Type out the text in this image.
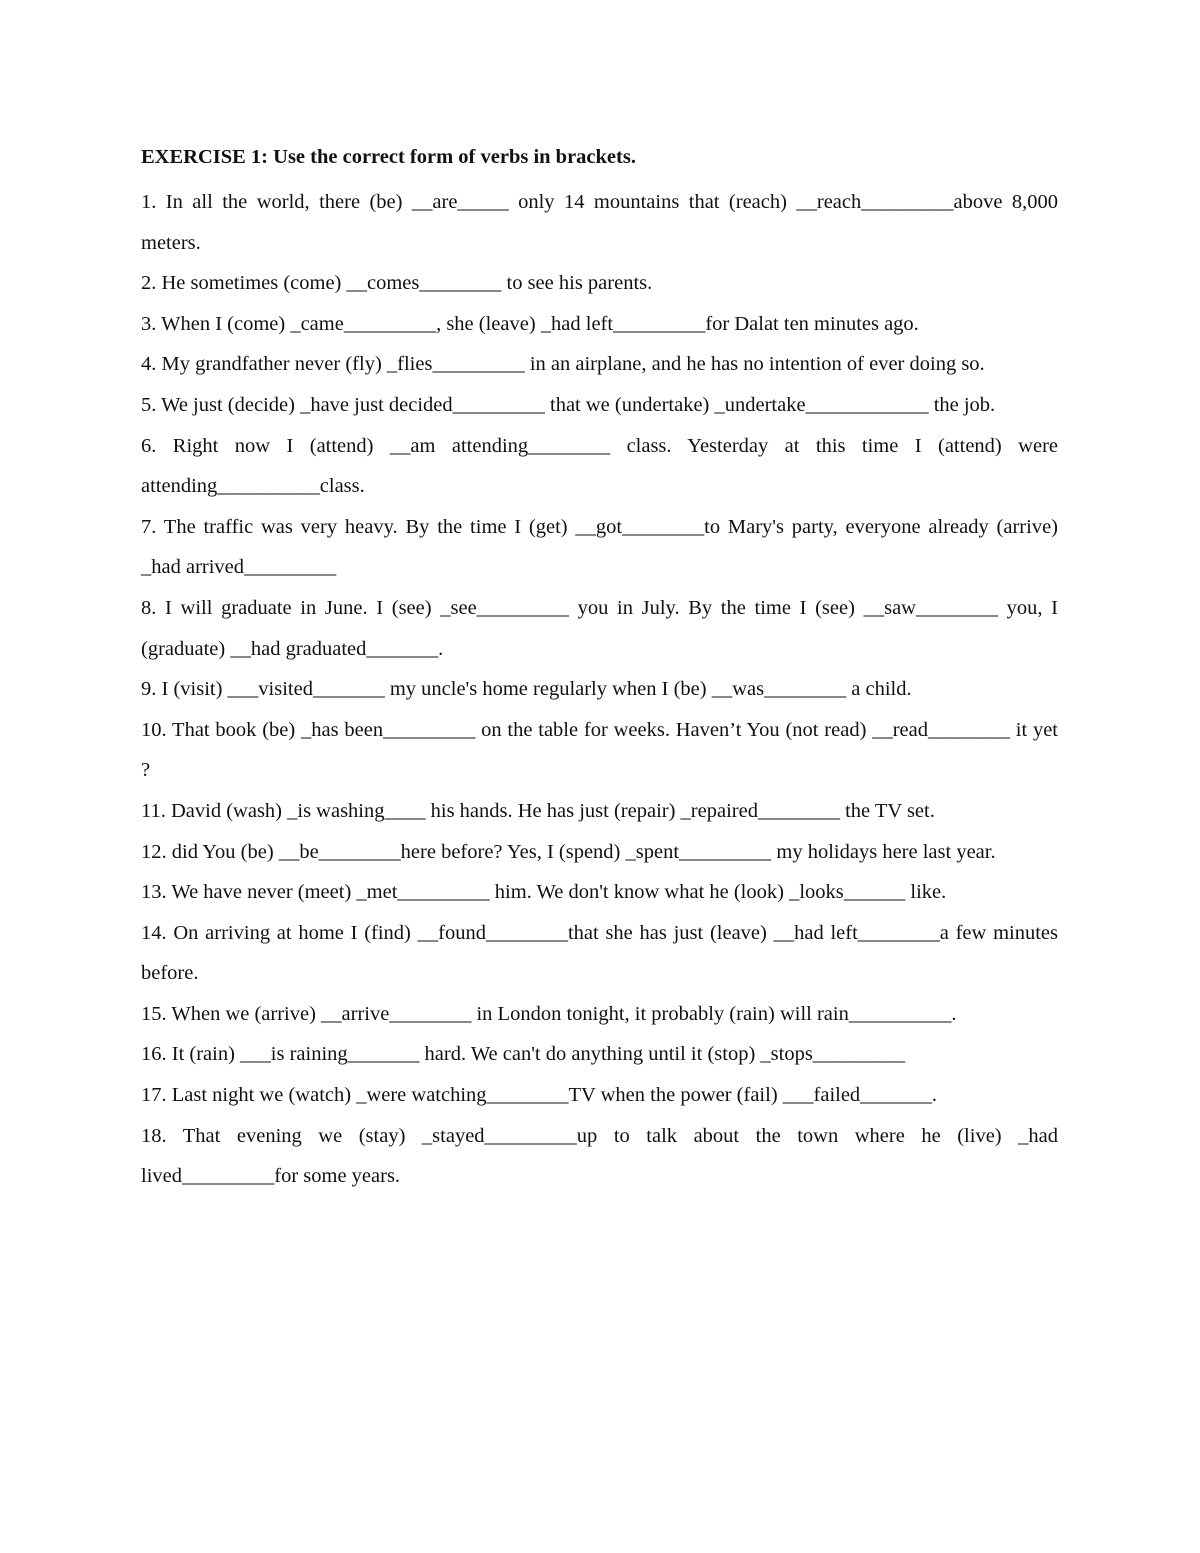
EXERCISE 1: Use the correct form of verbs in brackets.

1. In all the world, there (be) __are_____ only 14 mountains that (reach) __reach_________above 8,000 meters.

2. He sometimes (come) __comes________ to see his parents.

3. When I (come) _came_________, she (leave) _had left_________for Dalat ten minutes ago.

4. My grandfather never (fly) _flies_________ in an airplane, and he has no intention of ever doing so.

5. We just (decide) _have just decided_________ that we (undertake) _undertake____________ the job.

6. Right now I (attend) __am attending________ class. Yesterday at this time I (attend) were attending__________class.

7. The traffic was very heavy. By the time I (get) __got________to Mary's party, everyone already (arrive) _had arrived_________

8. I will graduate in June. I (see) _see_________ you in July. By the time I (see) __saw________ you, I (graduate) __had graduated_______.

9. I (visit) ___visited_______ my uncle's home regularly when I (be) __was________ a child.

10. That book (be) _has been_________ on the table for weeks. Haven’t You (not read) __read________ it yet ?

11. David (wash) _is washing____ his hands. He has just (repair) _repaired________ the TV set.

12. did You (be) __be________here before? Yes, I (spend) _spent_________ my holidays here last year.

13. We have never (meet) _met_________ him. We don't know what he (look) _looks______ like.

14. On arriving at home I (find) __found________that she has just (leave) __had left________a few minutes before.

15. When we (arrive) __arrive________ in London tonight, it probably (rain) will rain__________.

16. It (rain) ___is raining_______ hard. We can't do anything until it (stop) _stops_________

17. Last night we (watch) _were watching________TV when the power (fail) ___failed_______.

18. That evening we (stay) _stayed_________up to talk about the town where he (live) _had lived_________for some years.
